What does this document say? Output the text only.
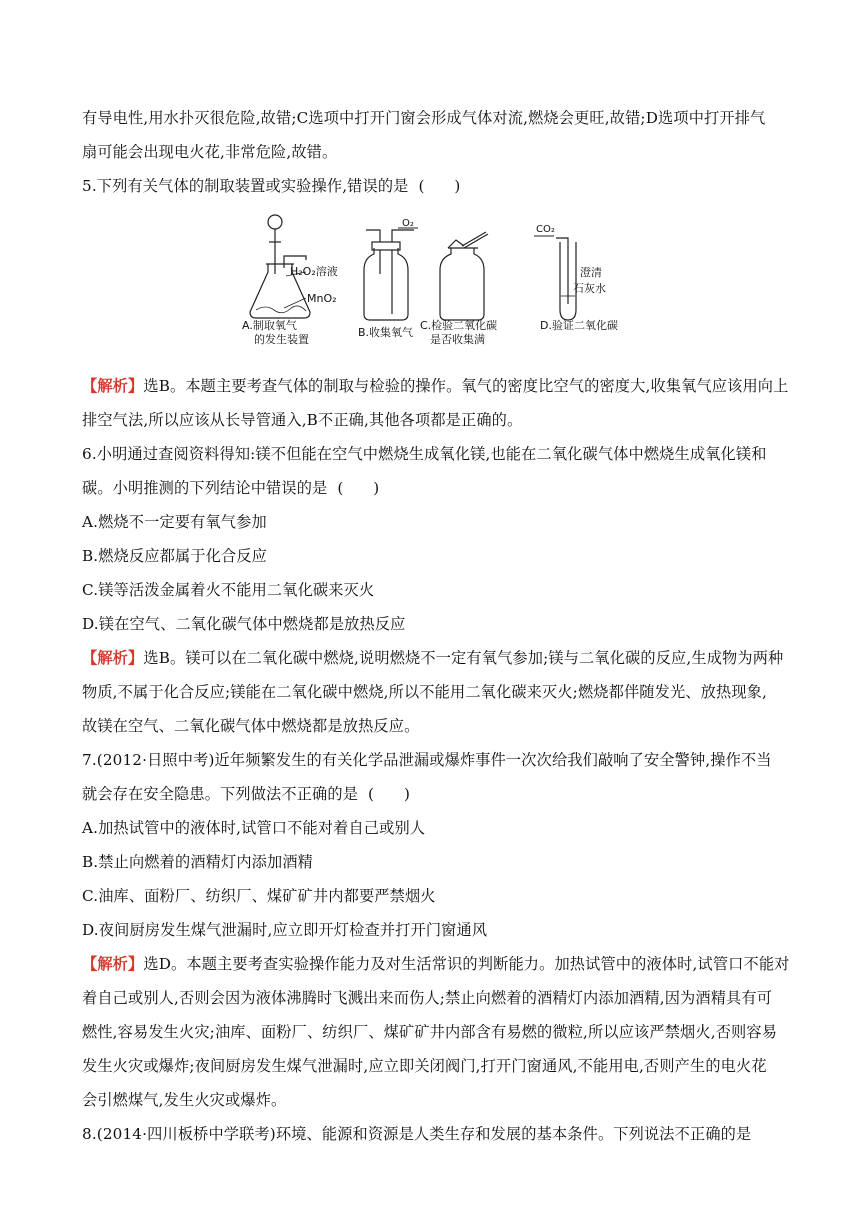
有导电性,用水扑灭很危险,故错;C选项中打开门窗会形成气体对流,燃烧会更旺,故错;D选项中打开排气
扇可能会出现电火花,非常危险,故错。
5.下列有关气体的制取装置或实验操作,错误的是  (      )
H₂O₂溶液
MnO₂
A.制取氧气
的发生装置
O₂
B.收集氧气
C.检验二氧化碳
是否收集满
CO₂
澄清
石灰水
D.验证二氧化碳
【解析】选B。本题主要考查气体的制取与检验的操作。氧气的密度比空气的密度大,收集氧气应该用向上
排空气法,所以应该从长导管通入,B不正确,其他各项都是正确的。
6.小明通过查阅资料得知:镁不但能在空气中燃烧生成氧化镁,也能在二氧化碳气体中燃烧生成氧化镁和
碳。小明推测的下列结论中错误的是  (      )
A.燃烧不一定要有氧气参加
B.燃烧反应都属于化合反应
C.镁等活泼金属着火不能用二氧化碳来灭火
D.镁在空气、二氧化碳气体中燃烧都是放热反应
【解析】选B。镁可以在二氧化碳中燃烧,说明燃烧不一定有氧气参加;镁与二氧化碳的反应,生成物为两种
物质,不属于化合反应;镁能在二氧化碳中燃烧,所以不能用二氧化碳来灭火;燃烧都伴随发光、放热现象,
故镁在空气、二氧化碳气体中燃烧都是放热反应。
7.(2012·日照中考)近年频繁发生的有关化学品泄漏或爆炸事件一次次给我们敲响了安全警钟,操作不当
就会存在安全隐患。下列做法不正确的是  (      )
A.加热试管中的液体时,试管口不能对着自己或别人
B.禁止向燃着的酒精灯内添加酒精
C.油库、面粉厂、纺织厂、煤矿矿井内都要严禁烟火
D.夜间厨房发生煤气泄漏时,应立即开灯检查并打开门窗通风
【解析】选D。本题主要考查实验操作能力及对生活常识的判断能力。加热试管中的液体时,试管口不能对
着自己或别人,否则会因为液体沸腾时飞溅出来而伤人;禁止向燃着的酒精灯内添加酒精,因为酒精具有可
燃性,容易发生火灾;油库、面粉厂、纺织厂、煤矿矿井内部含有易燃的微粒,所以应该严禁烟火,否则容易
发生火灾或爆炸;夜间厨房发生煤气泄漏时,应立即关闭阀门,打开门窗通风,不能用电,否则产生的电火花
会引燃煤气,发生火灾或爆炸。
8.(2014·四川板桥中学联考)环境、能源和资源是人类生存和发展的基本条件。下列说法不正确的是
